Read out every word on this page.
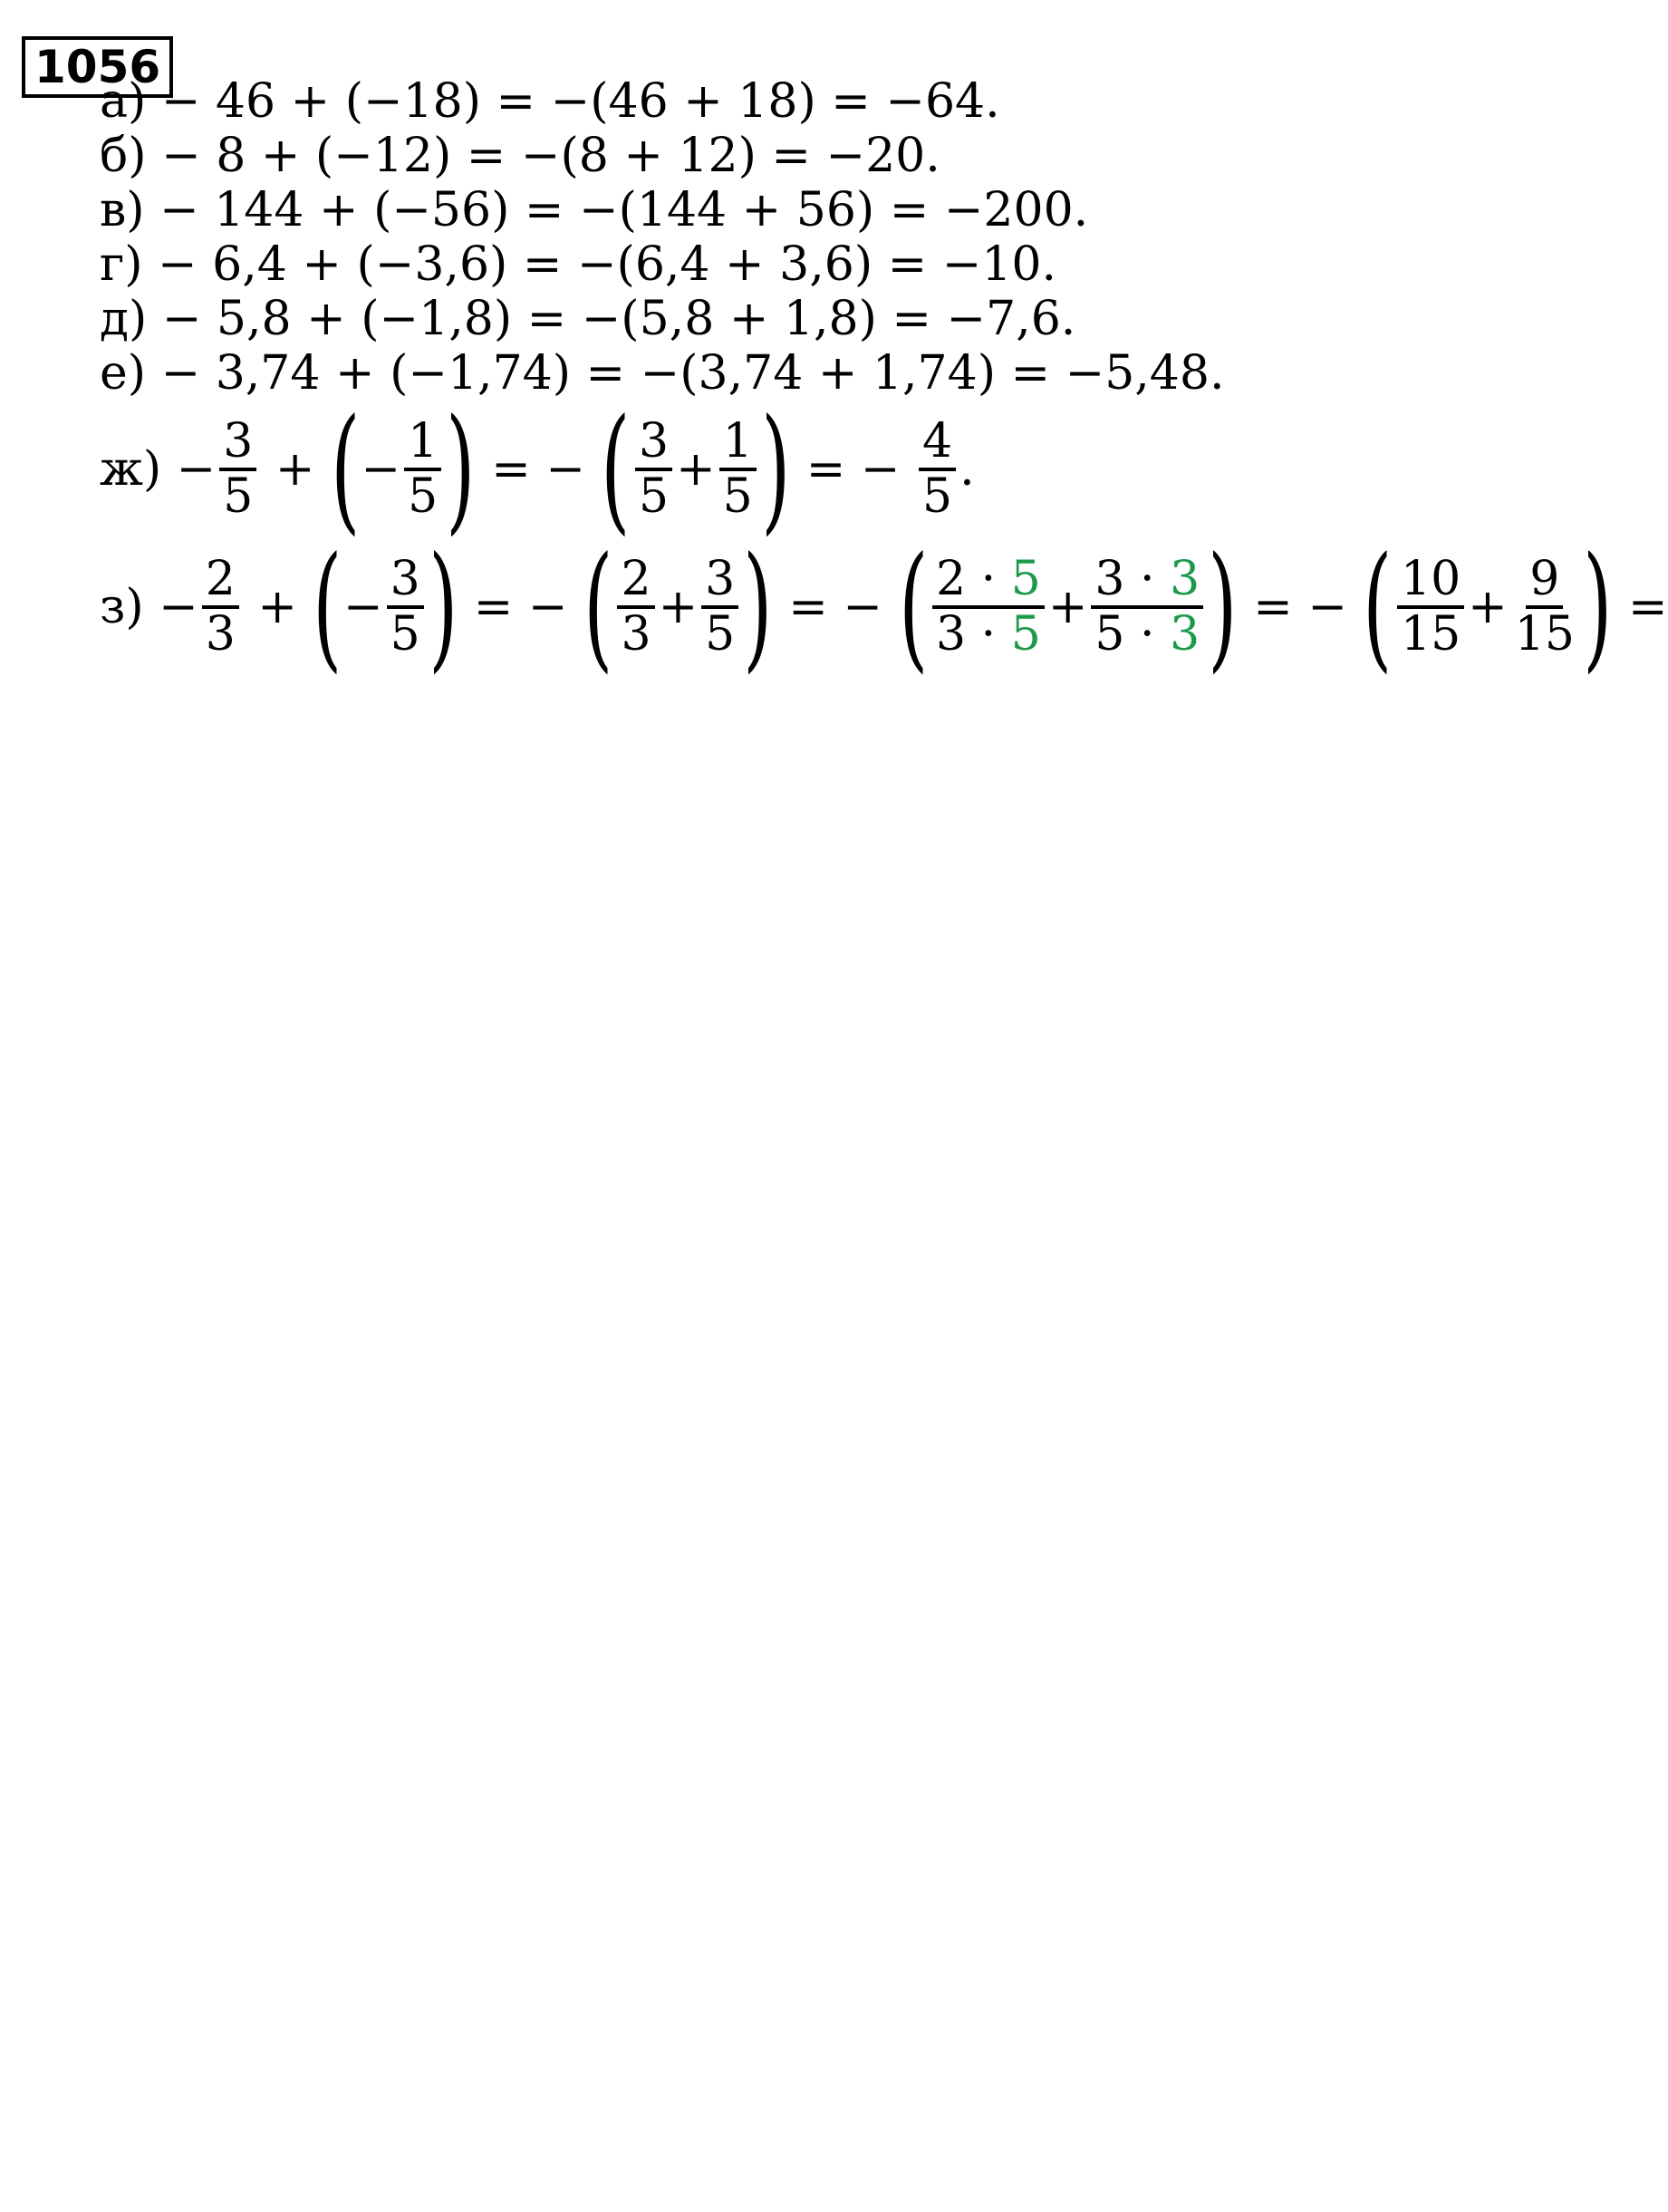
1056
а) − 46 + (−18) = −(46 + 18) = −64.
б) − 8 + (−12) = −(8 + 12) = −20.
в) − 144 + (−56) = −(144 + 56) = −200.
г) − 6,4 + (−3,6) = −(6,4 + 3,6) = −10.
д) − 5,8 + (−1,8) = −(5,8 + 1,8) = −7,6.
е) − 3,74 + (−1,74) = −(3,74 + 1,74) = −5,48.
$ж) - \frac{3}{5}$ + ( − $\frac{1}{5}$ ) = − ( $\frac{3}{5} + \frac{1}{5}$ ) = − $\frac{4}{5}$ .
$з) - \frac{2}{3}$ + ( − $\frac{3}{5}$ ) = − ( $\frac{2}{3} + \frac{3}{5}$ ) = − ( $\frac{2 \cdot 5}{3 \cdot 5} + \frac{3 \cdot 3}{5 \cdot 3}$ ) = − ( $\frac{10}{15} + \frac{9}{15}$ ) =
